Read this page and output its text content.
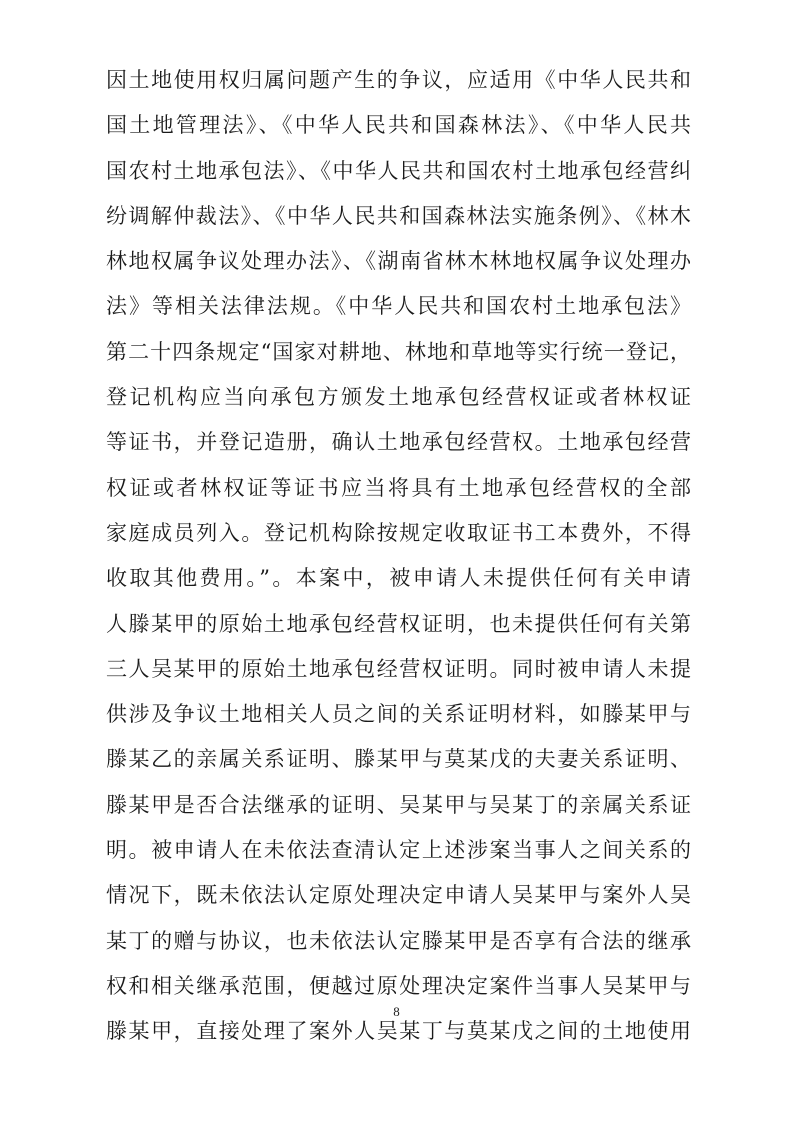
因土地使用权归属问题产生的争议，应适用《中华人民共和
国土地管理法》、《中华人民共和国森林法》、《中华人民共
国农村土地承包法》、《中华人民共和国农村土地承包经营纠
纷调解仲裁法》、《中华人民共和国森林法实施条例》、《林木
林地权属争议处理办法》、《湖南省林木林地权属争议处理办
法》等相关法律法规。《中华人民共和国农村土地承包法》
第二十四条规定“国家对耕地、林地和草地等实行统一登记，
登记机构应当向承包方颁发土地承包经营权证或者林权证
等证书，并登记造册，确认土地承包经营权。土地承包经营
权证或者林权证等证书应当将具有土地承包经营权的全部
家庭成员列入。登记机构除按规定收取证书工本费外，不得
收取其他费用。”。本案中，被申请人未提供任何有关申请
人滕某甲的原始土地承包经营权证明，也未提供任何有关第
三人吴某甲的原始土地承包经营权证明。同时被申请人未提
供涉及争议土地相关人员之间的关系证明材料，如滕某甲与
滕某乙的亲属关系证明、滕某甲与莫某戊的夫妻关系证明、
滕某甲是否合法继承的证明、吴某甲与吴某丁的亲属关系证
明。被申请人在未依法查清认定上述涉案当事人之间关系的
情况下，既未依法认定原处理决定申请人吴某甲与案外人吴
某丁的赠与协议，也未依法认定滕某甲是否享有合法的继承
权和相关继承范围，便越过原处理决定案件当事人吴某甲与
滕某甲，直接处理了案外人吴某丁与莫某戊之间的土地使用
8
